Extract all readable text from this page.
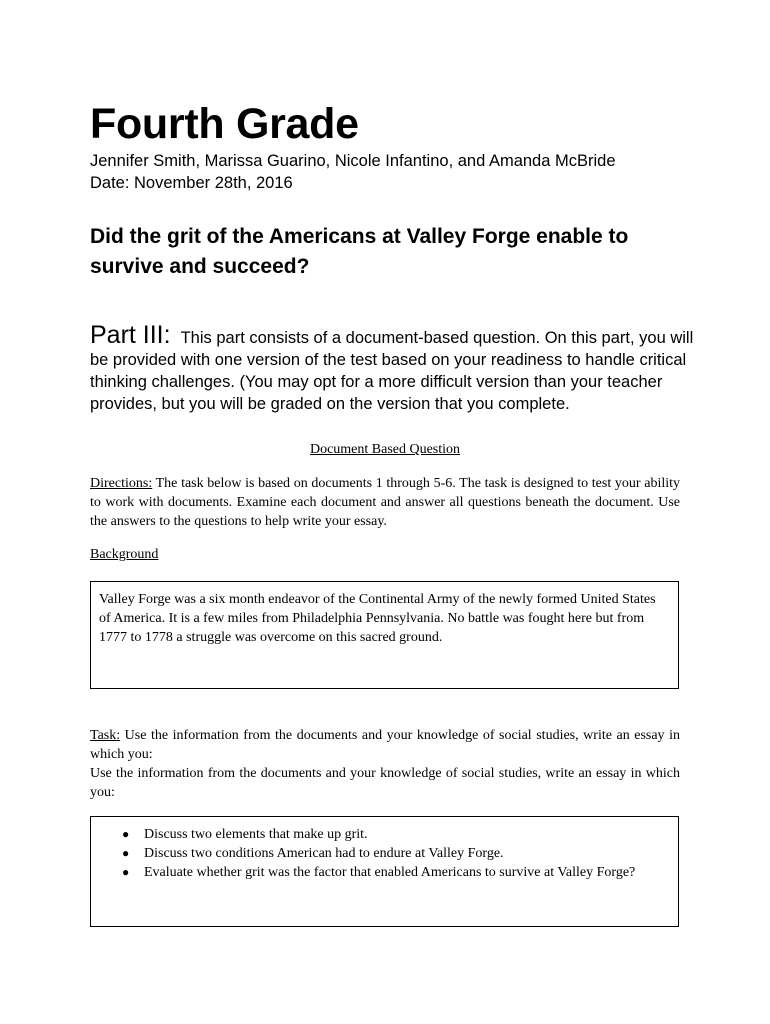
Fourth Grade
Jennifer Smith, Marissa Guarino, Nicole Infantino, and Amanda McBride
Date: November 28th, 2016
Did the grit of the Americans at Valley Forge enable to survive and succeed?

Part III: This part consists of a document-based question. On this part, you will be provided with one version of the test based on your readiness to handle critical thinking challenges. (You may opt for a more difficult version than your teacher provides, but you will be graded on the version that you complete.

Document Based Question

Directions: The task below is based on documents 1 through 5-6. The task is designed to test your ability to work with documents. Examine each document and answer all questions beneath the document. Use the answers to the questions to help write your essay.

Background
Valley Forge was a six month endeavor of the Continental Army of the newly formed United States of America. It is a few miles from Philadelphia Pennsylvania. No battle was fought here but from 1777 to 1778 a struggle was overcome on this sacred ground.

Task: Use the information from the documents and your knowledge of social studies, write an essay in which you:

Use the information from the documents and your knowledge of social studies, write an essay in which you:

● Discuss two elements that make up grit.
● Discuss two conditions American had to endure at Valley Forge.
● Evaluate whether grit was the factor that enabled Americans to survive at Valley Forge?
